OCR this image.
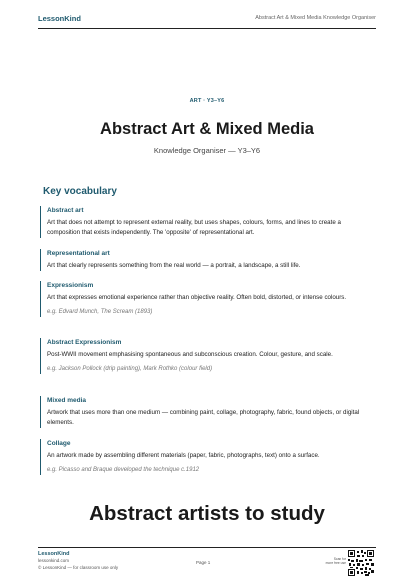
LessonKind	Abstract Art & Mixed Media Knowledge Organiser
ART · Y3–Y6
Abstract Art & Mixed Media
Knowledge Organiser — Y3–Y6
Key vocabulary
Abstract art
Art that does not attempt to represent external reality, but uses shapes, colours, forms, and lines to create a composition that exists independently. The 'opposite' of representational art.
Representational art
Art that clearly represents something from the real world — a portrait, a landscape, a still life.
Expressionism
Art that expresses emotional experience rather than objective reality. Often bold, distorted, or intense colours.
e.g. Edvard Munch, The Scream (1893)
Abstract Expressionism
Post-WWII movement emphasising spontaneous and subconscious creation. Colour, gesture, and scale.
e.g. Jackson Pollock (drip painting), Mark Rothko (colour field)
Mixed media
Artwork that uses more than one medium — combining paint, collage, photography, fabric, found objects, or digital elements.
Collage
An artwork made by assembling different materials (paper, fabric, photographs, text) onto a surface.
e.g. Picasso and Braque developed the technique c.1912
Abstract artists to study
LessonKind
lessonkind.com
© LessonKind — for classroom use only
Page 1
Scan for
more free use
